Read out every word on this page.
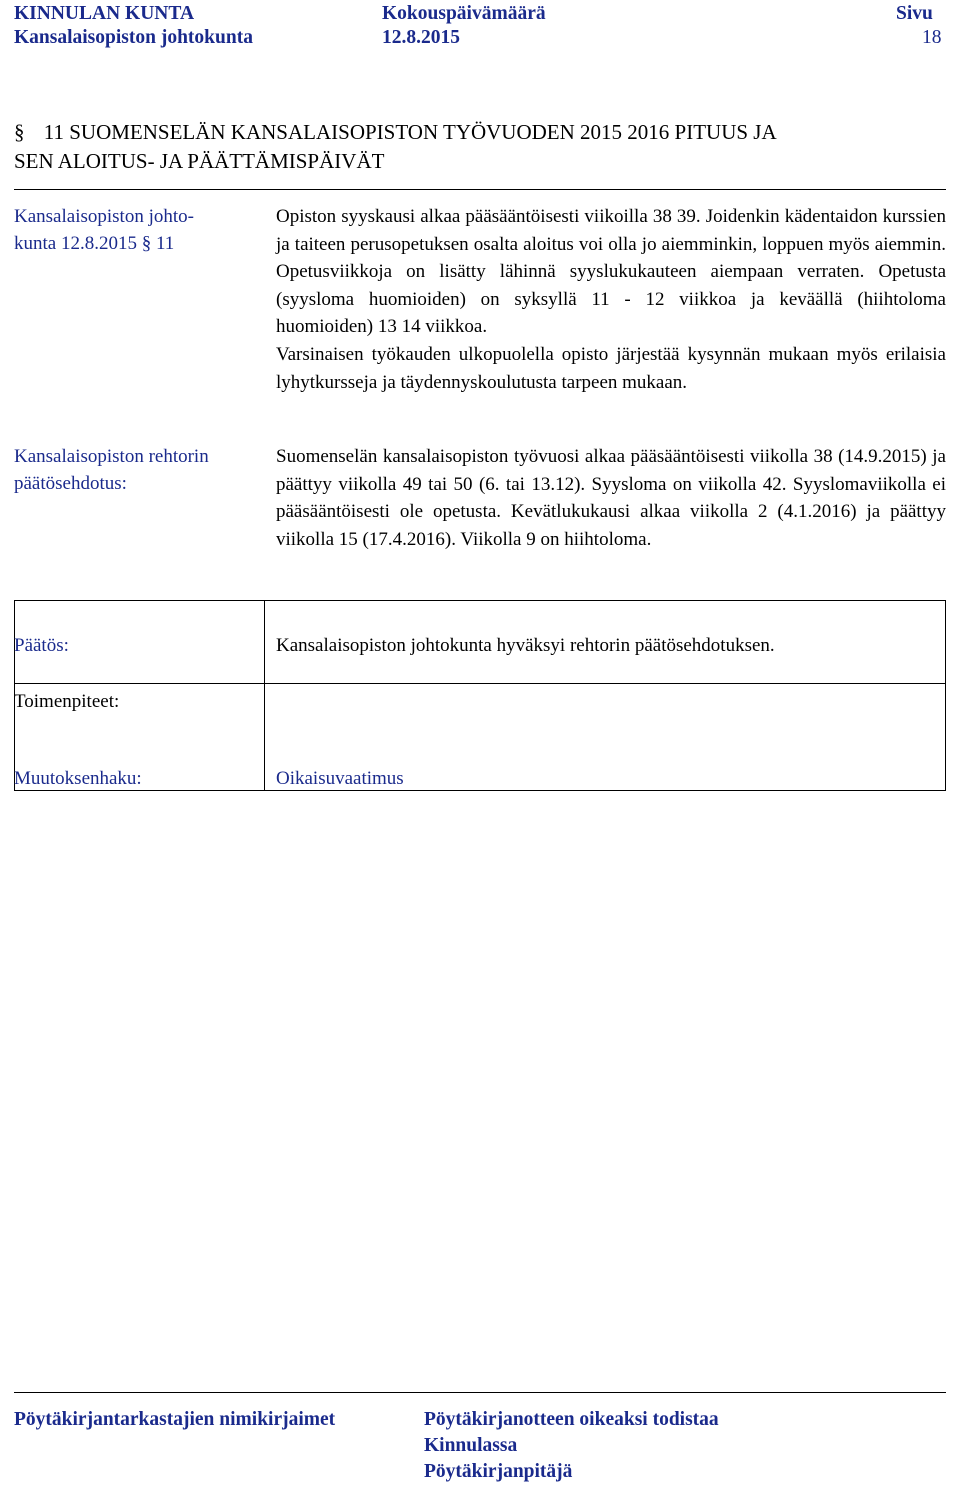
KINNULAN KUNTA
Kansalaisopiston johtokunta
Kokouspäivämäärä
12.8.2015
Sivu
18
§ 11 SUOMENSELÄN KANSALAISOPISTON TYÖVUODEN 2015 2016 PITUUS JA
SEN ALOITUS- JA PÄÄTTÄMISPÄIVÄT
Kansalaisopiston johto-
kunta 12.8.2015 § 11
Opiston syyskausi alkaa pääsääntöisesti viikoilla 38 39. Joidenkin kädentaidon kurssien ja taiteen perusopetuksen osalta aloitus voi olla jo aiemminkin, loppuen myös aiemmin. Opetusviikkoja on lisätty lähinnä syyslukukauteen aiempaan verraten. Opetusta (syysloma huomioiden) on syksyllä 11 - 12 viikkoa ja keväällä (hiihtoloma huomioiden) 13 14 viikkoa.
Varsinaisen työkauden ulkopuolella opisto järjestää kysynnän mukaan myös erilaisia lyhytkursseja ja täydennyskoulutusta tarpeen mukaan.
Kansalaisopiston rehtorin
päätösehdotus:
Suomenselän kansalaisopiston työvuosi alkaa pääsääntöisesti viikolla 38 (14.9.2015) ja päättyy viikolla 49 tai 50 (6. tai 13.12). Syysloma on viikolla 42. Syyslomaviikolla ei pääsääntöisesti ole opetusta. Kevätlukukausi alkaa viikolla 2 (4.1.2016) ja päättyy viikolla 15 (17.4.2016). Viikolla 9 on hiihtoloma.
Päätös:	Kansalaisopiston johtokunta hyväksyi rehtorin päätösehdotuksen.
Toimenpiteet:
Muutoksenhaku:	Oikaisuvaatimus
Pöytäkirjantarkastajien nimikirjaimet	Pöytäkirjanotteen oikeaksi todistaa
Kinnulassa
Pöytäkirjanpitäjä
